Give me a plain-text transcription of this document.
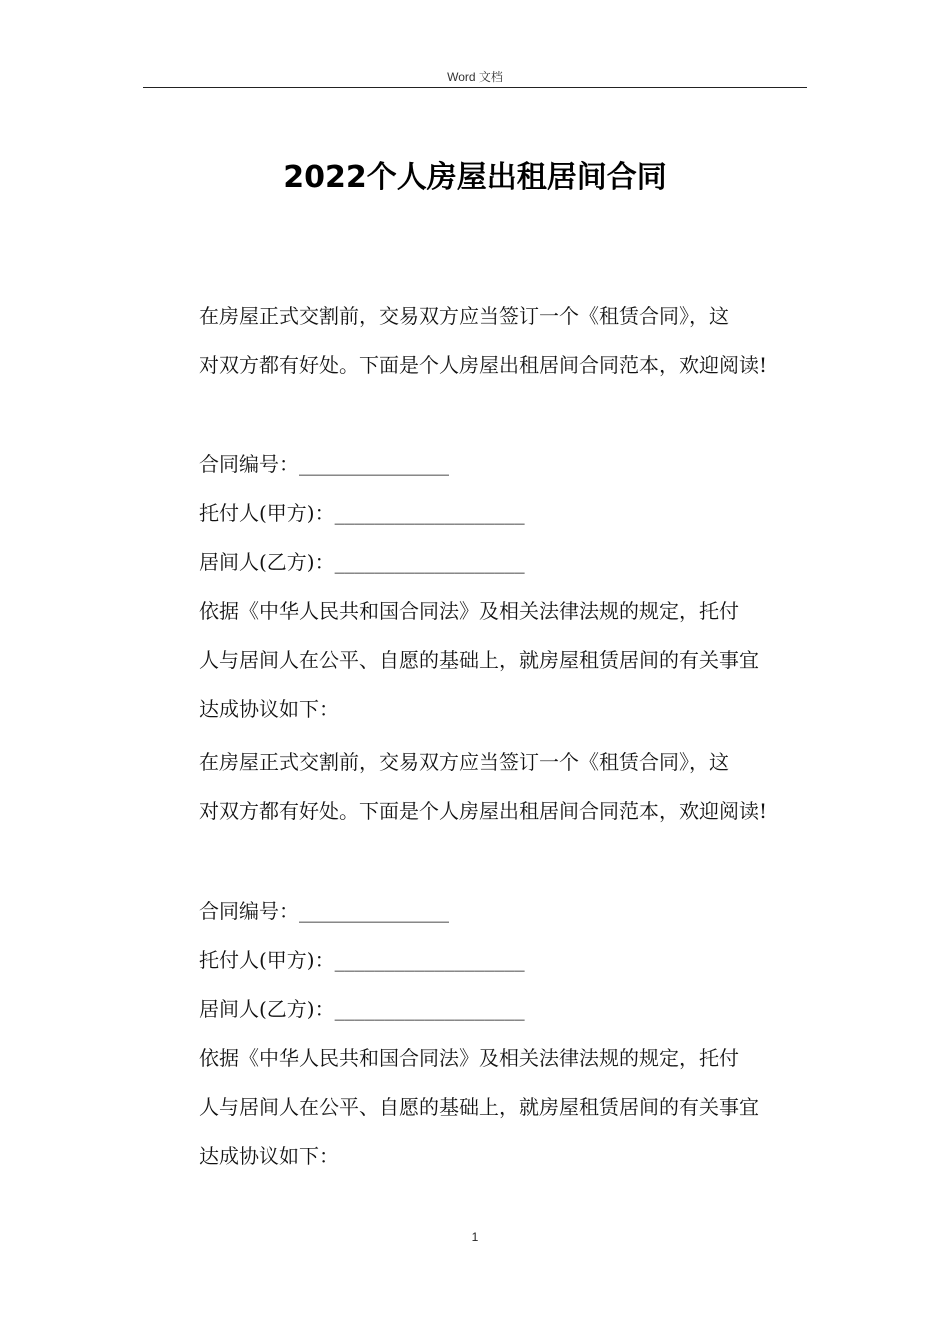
Word 文档
2022个人房屋出租居间合同

在房屋正式交割前，交易双方应当签订一个《租赁合同》，这
对双方都有好处。下面是个人房屋出租居间合同范本，欢迎阅读!

合同编号：_______________

托付人(甲方)：___________________

居间人(乙方)：___________________

依据《中华人民共和国合同法》及相关法律法规的规定，托付
人与居间人在公平、自愿的基础上，就房屋租赁居间的有关事宜
达成协议如下：

在房屋正式交割前，交易双方应当签订一个《租赁合同》，这
对双方都有好处。下面是个人房屋出租居间合同范本，欢迎阅读!

合同编号：_______________

托付人(甲方)：___________________

居间人(乙方)：___________________

依据《中华人民共和国合同法》及相关法律法规的规定，托付
人与居间人在公平、自愿的基础上，就房屋租赁居间的有关事宜
达成协议如下：

1
